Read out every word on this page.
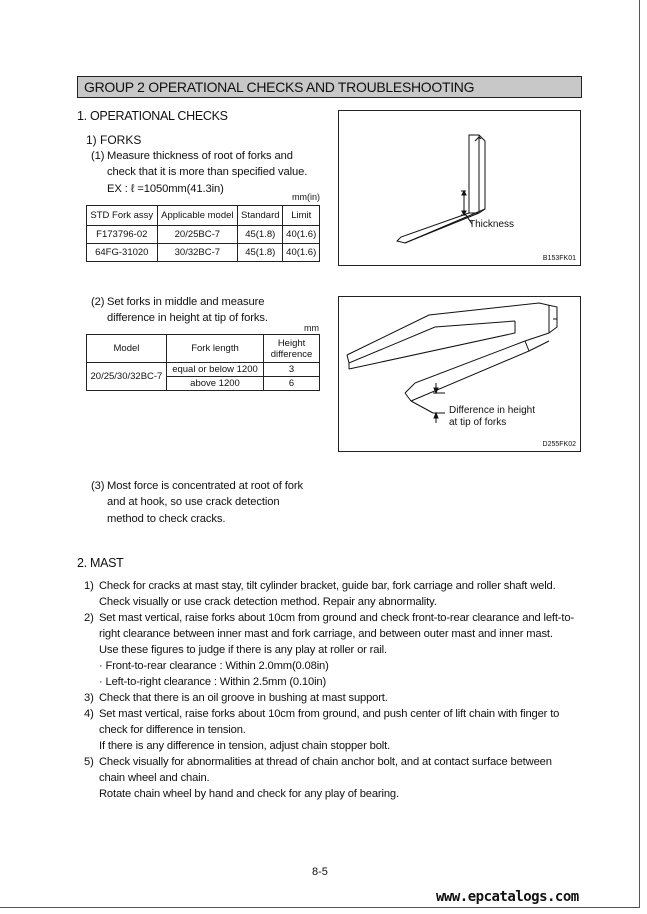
GROUP 2 OPERATIONAL CHECKS AND TROUBLESHOOTING
1. OPERATIONAL CHECKS
1) FORKS
(1) Measure thickness of root of forks and
check that it is more than specified value.
EX : ℓ =1050mm(41.3in)
mm(in)
STD Fork assy	Applicable model	Standard	Limit
F173796-02	20/25BC-7	45(1.8)	40(1.6)
64FG-31020	30/32BC-7	45(1.8)	40(1.6)
Thickness
B153FK01
(2) Set forks in middle and measure
difference in height at tip of forks.
mm
Model	Fork length	Height difference
20/25/30/32BC-7	equal or below 1200	3
	above 1200	6
Difference in height
at tip of forks
D255FK02
(3) Most force is concentrated at root of fork
and at hook, so use crack detection
method to check cracks.
2. MAST
1) Check for cracks at mast stay, tilt cylinder bracket, guide bar, fork carriage and roller shaft weld.
Check visually or use crack detection method. Repair any abnormality.
2) Set mast vertical, raise forks about 10cm from ground and check front-to-rear clearance and left-to-
right clearance between inner mast and fork carriage, and between outer mast and inner mast.
Use these figures to judge if there is any play at roller or rail.
· Front-to-rear clearance : Within 2.0mm(0.08in)
· Left-to-right clearance : Within 2.5mm (0.10in)
3) Check that there is an oil groove in bushing at mast support.
4) Set mast vertical, raise forks about 10cm from ground, and push center of lift chain with finger to
check for difference in tension.
If there is any difference in tension, adjust chain stopper bolt.
5) Check visually for abnormalities at thread of chain anchor bolt, and at contact surface between
chain wheel and chain.
Rotate chain wheel by hand and check for any play of bearing.
8-5
www.epcatalogs.com
